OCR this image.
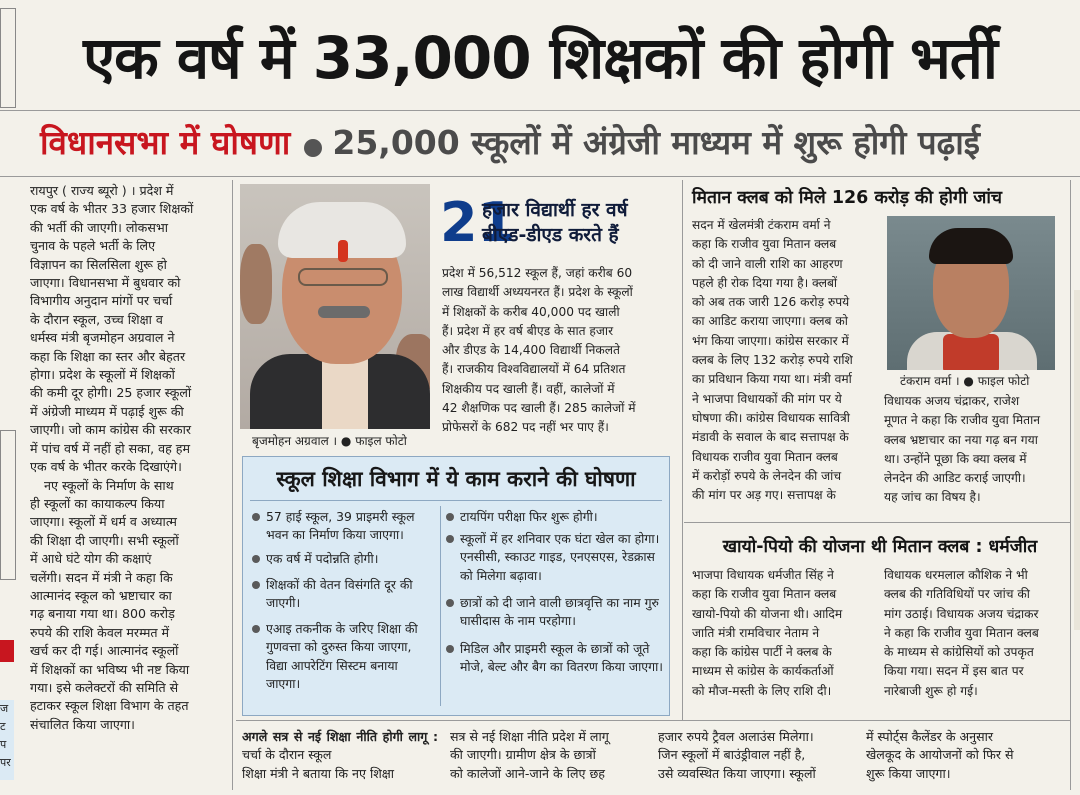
एक वर्ष में 33,000 शिक्षकों की होगी भर्ती
विधानसभा में घोषणा 25,000 स्कूलों में अंग्रेजी माध्यम में शुरू होगी पढ़ाई
रायपुर ( राज्य ब्यूरो ) । प्रदेश में
एक वर्ष के भीतर 33 हजार शिक्षकों
की भर्ती की जाएगी। लोकसभा
चुनाव के पहले भर्ती के लिए
विज्ञापन का सिलसिला शुरू हो
जाएगा। विधानसभा में बुधवार को
विभागीय अनुदान मांगों पर चर्चा
के दौरान स्कूल, उच्च शिक्षा व
धर्मस्व मंत्री बृजमोहन अग्रवाल ने
कहा कि शिक्षा का स्तर और बेहतर
होगा। प्रदेश के स्कूलों में शिक्षकों
की कमी दूर होगी। 25 हजार स्कूलों
में अंग्रेजी माध्यम में पढ़ाई शुरू की
जाएगी। जो काम कांग्रेस की सरकार
में पांच वर्ष में नहीं हो सका, वह हम
एक वर्ष के भीतर करके दिखाएंगे।
नए स्कूलों के निर्माण के साथ
ही स्कूलों का कायाकल्प किया
जाएगा। स्कूलों में धर्म व अध्यात्म
की शिक्षा दी जाएगी। सभी स्कूलों
में आधे घंटे योग की कक्षाएं
चलेंगी। सदन में मंत्री ने कहा कि
आत्मानंद स्कूल को भ्रष्टाचार का
गढ़ बनाया गया था। 800 करोड़
रुपये की राशि केवल मरम्मत में
खर्च कर दी गई। आत्मानंद स्कूलों
में शिक्षकों का भविष्य भी नष्ट किया
गया। इसे कलेक्टरों की समिति से
हटाकर स्कूल शिक्षा विभाग के तहत
संचालित किया जाएगा।
बृजमोहन अग्रवाल । ● फाइल फोटो
21
हजार विद्यार्थी हर वर्ष बीएड-डीएड करते हैं
प्रदेश में 56,512 स्कूल हैं, जहां करीब 60
लाख विद्यार्थी अध्ययनरत हैं। प्रदेश के स्कूलों
में शिक्षकों के करीब 40,000 पद खाली
हैं। प्रदेश में हर वर्ष बीएड के सात हजार
और डीएड के 14,400 विद्यार्थी निकलते
हैं। राजकीय विश्वविद्यालयों में 64 प्रतिशत
शिक्षकीय पद खाली हैं। वहीं, कालेजों में
42 शैक्षणिक पद खाली हैं। 285 कालेजों में
प्रोफेसरों के 682 पद नहीं भर पाए हैं।
स्कूल शिक्षा विभाग में ये काम कराने की घोषणा
57 हाई स्कूल, 39 प्राइमरी स्कूल भवन का निर्माण किया जाएगा।
एक वर्ष में पदोन्नति होगी।
शिक्षकों की वेतन विसंगति दूर की जाएगी।
एआइ तकनीक के जरिए शिक्षा की गुणवत्ता को दुरुस्त किया जाएगा, विद्या आपरेटिंग सिस्टम बनाया जाएगा।
टायपिंग परीक्षा फिर शुरू होगी।
स्कूलों में हर शनिवार एक घंटा खेल का होगा। एनसीसी, स्काउट गाइड, एनएसएस, रेडक्रास को मिलेगा बढ़ावा।
छात्रों को दी जाने वाली छात्रवृत्ति का नाम गुरु घासीदास के नाम परहोगा।
मिडिल और प्राइमरी स्कूल के छात्रों को जूते मोजे, बेल्ट और बैग का वितरण किया जाएगा।
अगले सत्र से नई शिक्षा नीति होगी लागू : चर्चा के दौरान स्कूल
शिक्षा मंत्री ने बताया कि नए शिक्षा
सत्र से नई शिक्षा नीति प्रदेश में लागू
की जाएगी। ग्रामीण क्षेत्र के छात्रों
को कालेजों आने-जाने के लिए छह
हजार रुपये ट्रैवल अलाउंस मिलेगा।
जिन स्कूलों में बाउंड्रीवाल नहीं है,
उसे व्यवस्थित किया जाएगा। स्कूलों
में स्पोर्ट्स कैलेंडर के अनुसार
खेलकूद के आयोजनों को फिर से
शुरू किया जाएगा।
मितान क्लब को मिले 126 करोड़ की होगी जांच
सदन में खेलमंत्री टंकराम वर्मा ने
कहा कि राजीव युवा मितान क्लब
को दी जाने वाली राशि का आहरण
पहले ही रोक दिया गया है। क्लबों
को अब तक जारी 126 करोड़ रुपये
का आडिट कराया जाएगा। क्लब को
भंग किया जाएगा। कांग्रेस सरकार में
क्लब के लिए 132 करोड़ रुपये राशि
का प्रविधान किया गया था। मंत्री वर्मा
ने भाजपा विधायकों की मांग पर ये
घोषणा की। कांग्रेस विधायक सावित्री
मंडावी के सवाल के बाद सत्तापक्ष के
विधायक राजीव युवा मितान क्लब
में करोड़ों रुपये के लेनदेन की जांच
की मांग पर अड़ गए। सत्तापक्ष के
टंकराम वर्मा । ● फाइल फोटो
विधायक अजय चंद्राकर, राजेश
मूणत ने कहा कि राजीव युवा मितान
क्लब भ्रष्टाचार का नया गढ़ बन गया
था। उन्होंने पूछा कि क्या क्लब में
लेनदेन की आडिट कराई जाएगी।
यह जांच का विषय है।
खायो-पियो की योजना थी मितान क्लब : धर्मजीत
भाजपा विधायक धर्मजीत सिंह ने
कहा कि राजीव युवा मितान क्लब
खायो-पियो की योजना थी। आदिम
जाति मंत्री रामविचार नेताम ने
कहा कि कांग्रेस पार्टी ने क्लब के
माध्यम से कांग्रेस के कार्यकर्ताओं
को मौज-मस्ती के लिए राशि दी।
विधायक धरमलाल कौशिक ने भी
क्लब की गतिविधियों पर जांच की
मांग उठाई। विधायक अजय चंद्राकर
ने कहा कि राजीव युवा मितान क्लब
के माध्यम से कांग्रेसियों को उपकृत
किया गया। सदन में इस बात पर
नारेबाजी शुरू हो गई।
ज
ट
प
पर
